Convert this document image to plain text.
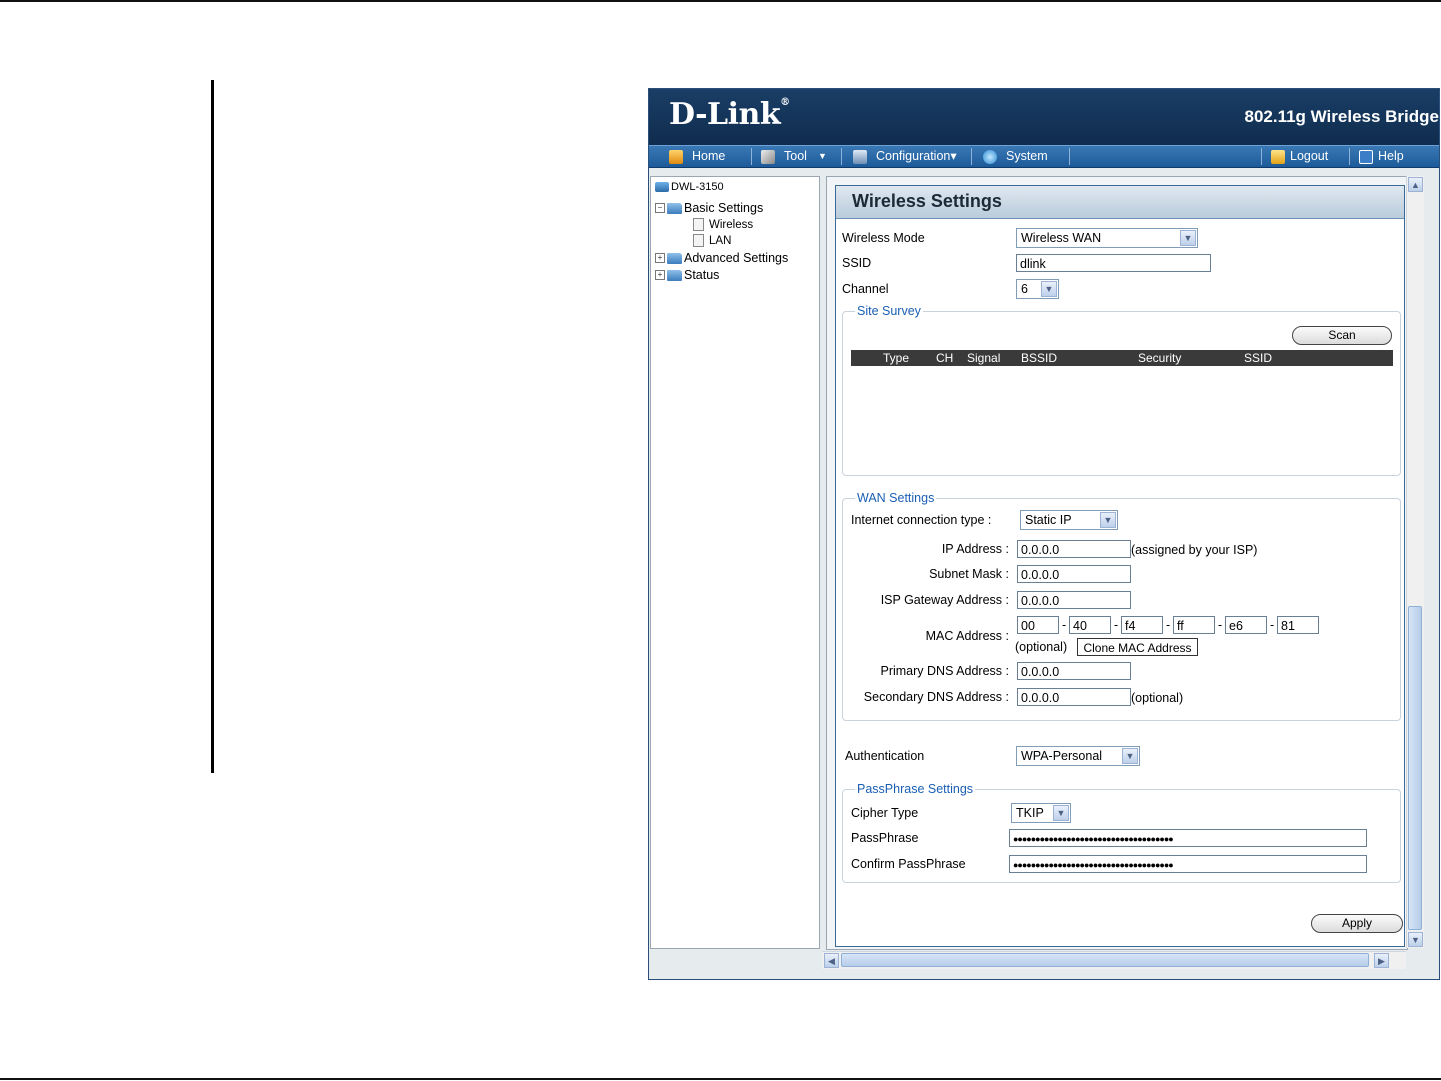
D-Link®
802.11g Wireless Bridge
Home	Tool ▼	Configuration▾	System	Logout	Help
DWL-3150
− Basic Settings
Wireless
LAN
+ Advanced Settings
+ Status
Wireless Settings
Wireless Mode	Wireless WAN	▼
SSID	dlink
Channel	6	▼
Site Survey
Scan
Type CH Signal BSSID	Security	SSID
WAN Settings
Internet connection type :	Static IP	▼
IP Address : 0.0.0.0	(assigned by your ISP)
Subnet Mask : 0.0.0.0
ISP Gateway Address : 0.0.0.0
MAC Address :
00	- 40	- f4	- ff	- e6	- 81
(optional)	Clone MAC Address
Primary DNS Address : 0.0.0.0
Secondary DNS Address : 0.0.0.0	(optional)
Authentication	WPA-Personal	▼
PassPhrase Settings
Cipher Type	TKIP	▼
PassPhrase	●●●●●●●●●●●●●●●●●●●●●●●●●●●●●●●●●●●●
Confirm PassPhrase	●●●●●●●●●●●●●●●●●●●●●●●●●●●●●●●●●●●●
Apply
▲
▼
◀	▶
